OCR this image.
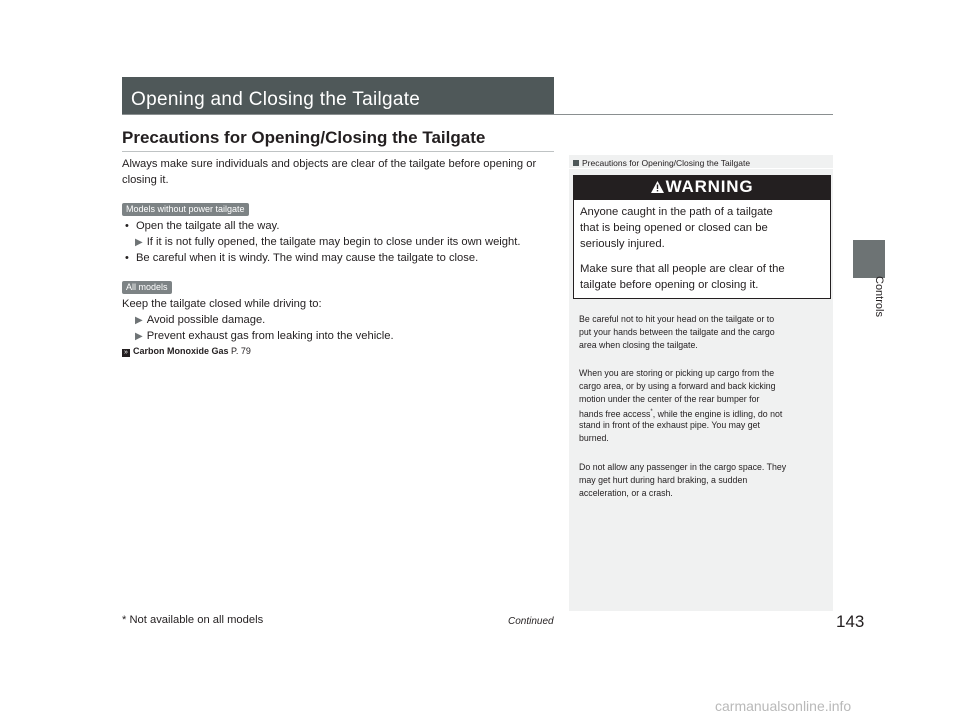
Opening and Closing the Tailgate
Controls
Precautions for Opening/Closing the Tailgate
Always make sure individuals and objects are clear of the tailgate before opening or
closing it.
Models without power tailgate
• Open the tailgate all the way.
▶ If it is not fully opened, the tailgate may begin to close under its own weight.
• Be careful when it is windy. The wind may cause the tailgate to close.
All models
Keep the tailgate closed while driving to:
▶ Avoid possible damage.
▶ Prevent exhaust gas from leaking into the vehicle.
» Carbon Monoxide Gas P. 79
Precautions for Opening/Closing the Tailgate
WARNING
Anyone caught in the path of a tailgate
that is being opened or closed can be
seriously injured.
Make sure that all people are clear of the
tailgate before opening or closing it.
Be careful not to hit your head on the tailgate or to
put your hands between the tailgate and the cargo
area when closing the tailgate.
When you are storing or picking up cargo from the
cargo area, or by using a forward and back kicking
motion under the center of the rear bumper for
hands free access*, while the engine is idling, do not
stand in front of the exhaust pipe. You may get
burned.
Do not allow any passenger in the cargo space. They
may get hurt during hard braking, a sudden
acceleration, or a crash.
* Not available on all models	Continued	143
carmanualsonline.info
